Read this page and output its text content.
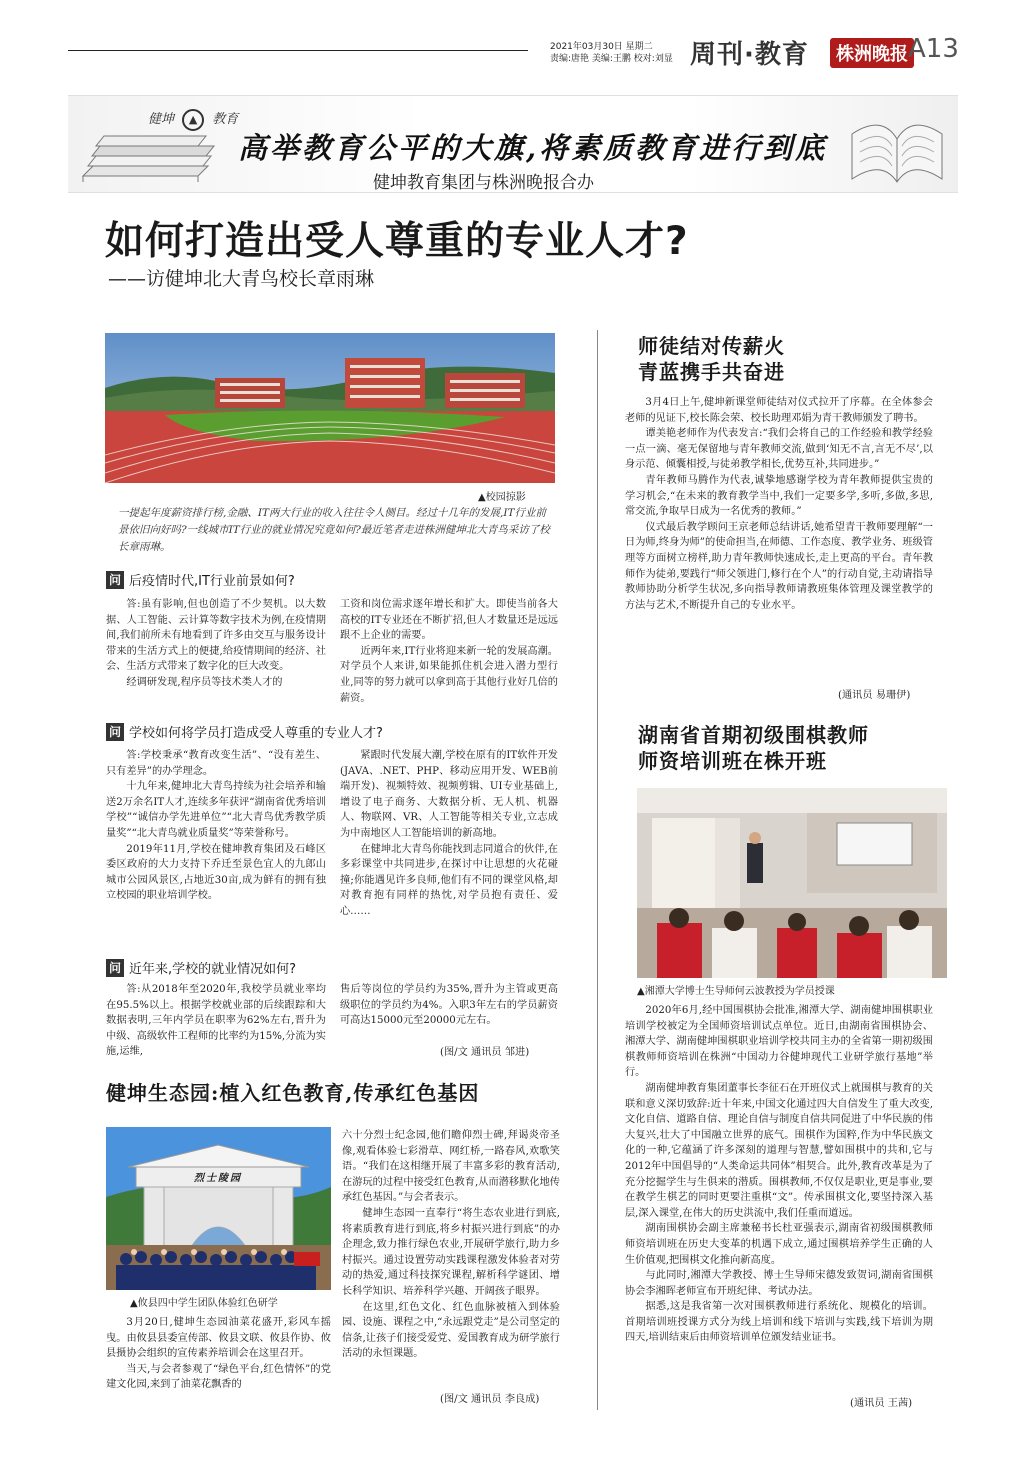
2021年03月30日 星期二
责编:唐艳 美编:王鹏 校对:刘显 周刊·教育	株洲晚报 A13
健坤 ▲ 教育
高举教育公平的大旗,将素质教育进行到底
健坤教育集团与株洲晚报合办
如何打造出受人尊重的专业人才?
——访健坤北大青鸟校长章雨琳
▲校园掠影
一提起年度薪资排行榜,金融、IT两大行业的收入往往令人侧目。经过十几年的发展,IT行业前景依旧向好吗?一线城市IT行业的就业情况究竟如何?最近笔者走进株洲健坤北大青鸟采访了校长章雨琳。
问 后疫情时代,IT行业前景如何?

答:虽有影响,但也创造了不少契机。以大数据、人工智能、云计算等数字技术为例,在疫情期间,我们前所未有地看到了许多由交互与服务设计带来的生活方式上的便捷,给疫情期间的经济、社会、生活方式带来了数字化的巨大改变。

经调研发现,程序员等技术类人才的

工资和岗位需求逐年增长和扩大。即使当前各大高校的IT专业还在不断扩招,但人才数量还是远远跟不上企业的需要。

近两年来,IT行业将迎来新一轮的发展高潮。对学员个人来讲,如果能抓住机会进入潜力型行业,同等的努力就可以拿到高于其他行业好几倍的薪资。

问 学校如何将学员打造成受人尊重的专业人才?

答:学校秉承“教育改变生活”、“没有差生、只有差异”的办学理念。

十九年来,健坤北大青鸟持续为社会培养和输送2万余名IT人才,连续多年获评“湖南省优秀培训学校”“诚信办学先进单位”“北大青鸟优秀教学质量奖”“北大青鸟就业质量奖”等荣誉称号。

2019年11月,学校在健坤教育集团及石峰区委区政府的大力支持下乔迁至景色宜人的九郎山城市公园风景区,占地近30亩,成为鲜有的拥有独立校园的职业培训学校。

紧跟时代发展大潮,学校在原有的IT软件开发(JAVA、.NET、PHP、移动应用开发、WEB前端开发)、视频特效、视频剪辑、UI专业基础上,增设了电子商务、大数据分析、无人机、机器人、物联网、VR、人工智能等相关专业,立志成为中南地区人工智能培训的新高地。

在健坤北大青鸟你能找到志同道合的伙伴,在多彩课堂中共同进步,在探讨中让思想的火花碰撞;你能遇见许多良师,他们有不同的课堂风格,却对教育抱有同样的热忱,对学员抱有责任、爱心……

问 近年来,学校的就业情况如何?

答:从2018年至2020年,我校学员就业率均在95.5%以上。根据学校就业部的后续跟踪和大数据表明,三年内学员在职率为62%左右,晋升为中级、高级软件工程师的比率约为15%,分流为实施,运维,

售后等岗位的学员约为35%,晋升为主管或更高级职位的学员约为4%。入职3年左右的学员薪资可高达15000元至20000元左右。

(图/文 通讯员 邹进)
健坤生态园:植入红色教育,传承红色基因
烈士陵园
▲攸县四中学生团队体验红色研学

3月20日,健坤生态园油菜花盛开,彩风车摇曳。由攸县县委宣传部、攸县文联、攸县作协、攸县摄协会组织的宣传素养培训会在这里召开。

当天,与会者参观了“绿色平台,红色情怀”的党建文化园,来到了油菜花飘香的

六十分烈士纪念园,他们瞻仰烈士碑,拜谒炎帝圣像,观看体验七彩滑草、网红桥,一路春风,欢歌笑语。“我们在这相继开展了丰富多彩的教育活动,在游玩的过程中接受红色教育,从而潜移默化地传承红色基因。”与会者表示。

健坤生态园一直奉行“将生态农业进行到底,将素质教育进行到底,将乡村振兴进行到底”的办企理念,致力推行绿色农业,开展研学旅行,助力乡村振兴。通过设置劳动实践课程激发体验者对劳动的热爱,通过科技探究课程,解析科学谜团、增长科学知识、培养科学兴趣、开阔孩子眼界。

在这里,红色文化、红色血脉被植入到体验园、设施、课程之中,“永远跟党走”是公司坚定的信条,让孩子们接受爱党、爱国教育成为研学旅行活动的永恒课题。

(图/文 通讯员 李良成)
师徒结对传薪火
青蓝携手共奋进

3月4日上午,健坤新课堂师徒结对仪式拉开了序幕。在全体参会老师的见证下,校长陈会荣、校长助理邓娟为青干教师颁发了聘书。

谭美艳老师作为代表发言:“我们会将自己的工作经验和教学经验一点一滴、毫无保留地与青年教师交流,做到‘知无不言,言无不尽’,以身示范、倾囊相授,与徒弟教学相长,优势互补,共同进步。”

青年教师马腾作为代表,诚挚地感谢学校为青年教师提供宝贵的学习机会,“在未来的教育教学当中,我们一定要多学,多听,多做,多思,常交流,争取早日成为一名优秀的教师。”

仪式最后教学顾问王京老师总结讲话,她希望青干教师要理解“一日为师,终身为师”的使命担当,在师德、工作态度、教学业务、班级管理等方面树立榜样,助力青年教师快速成长,走上更高的平台。青年教师作为徒弟,要践行“师父领进门,修行在个人”的行动自觉,主动请指导教师协助分析学生状况,多向指导教师请教班集体管理及课堂教学的方法与艺术,不断提升自己的专业水平。

(通讯员 易珊伊)
湖南省首期初级围棋教师
师资培训班在株开班
▲湘潭大学博士生导师何云波教授为学员授课

2020年6月,经中国围棋协会批准,湘潭大学、湖南健坤围棋职业培训学校被定为全国师资培训试点单位。近日,由湖南省围棋协会、湘潭大学、湖南健坤围棋职业培训学校共同主办的全省第一期初级围棋教师师资培训在株洲“中国动力谷健坤现代工业研学旅行基地”举行。

湖南健坤教育集团董事长李征石在开班仪式上就围棋与教育的关联和意义深切致辞:近十年来,中国文化通过四大自信发生了重大改变,文化自信、道路自信、理论自信与制度自信共同促进了中华民族的伟大复兴,壮大了中国融立世界的底气。围棋作为国粹,作为中华民族文化的一种,它蕴涵了许多深刻的道理与智慧,譬如围棋中的共和,它与2012年中国倡导的“人类命运共同体”相契合。此外,教育改革是为了充分挖掘学生与生俱来的潜质。围棋教师,不仅仅是职业,更是事业,要在教学生棋艺的同时更要注重棋“文”。传承围棋文化,要坚持深入基层,深入课堂,在伟大的历史洪流中,我们任重而道远。

湖南围棋协会副主席兼秘书长杜亚强表示,湖南省初级围棋教师师资培训班在历史大变革的机遇下成立,通过围棋培养学生正确的人生价值观,把围棋文化推向新高度。

与此同时,湘潭大学教授、博士生导师宋德发致贺词,湖南省围棋协会李湘晖老师宣布开班纪律、考试办法。

据悉,这是我省第一次对围棋教师进行系统化、规模化的培训。首期培训班授课方式分为线上培训和线下培训与实践,线下培训为期四天,培训结束后由师资培训单位颁发结业证书。

(通讯员 王茜)
